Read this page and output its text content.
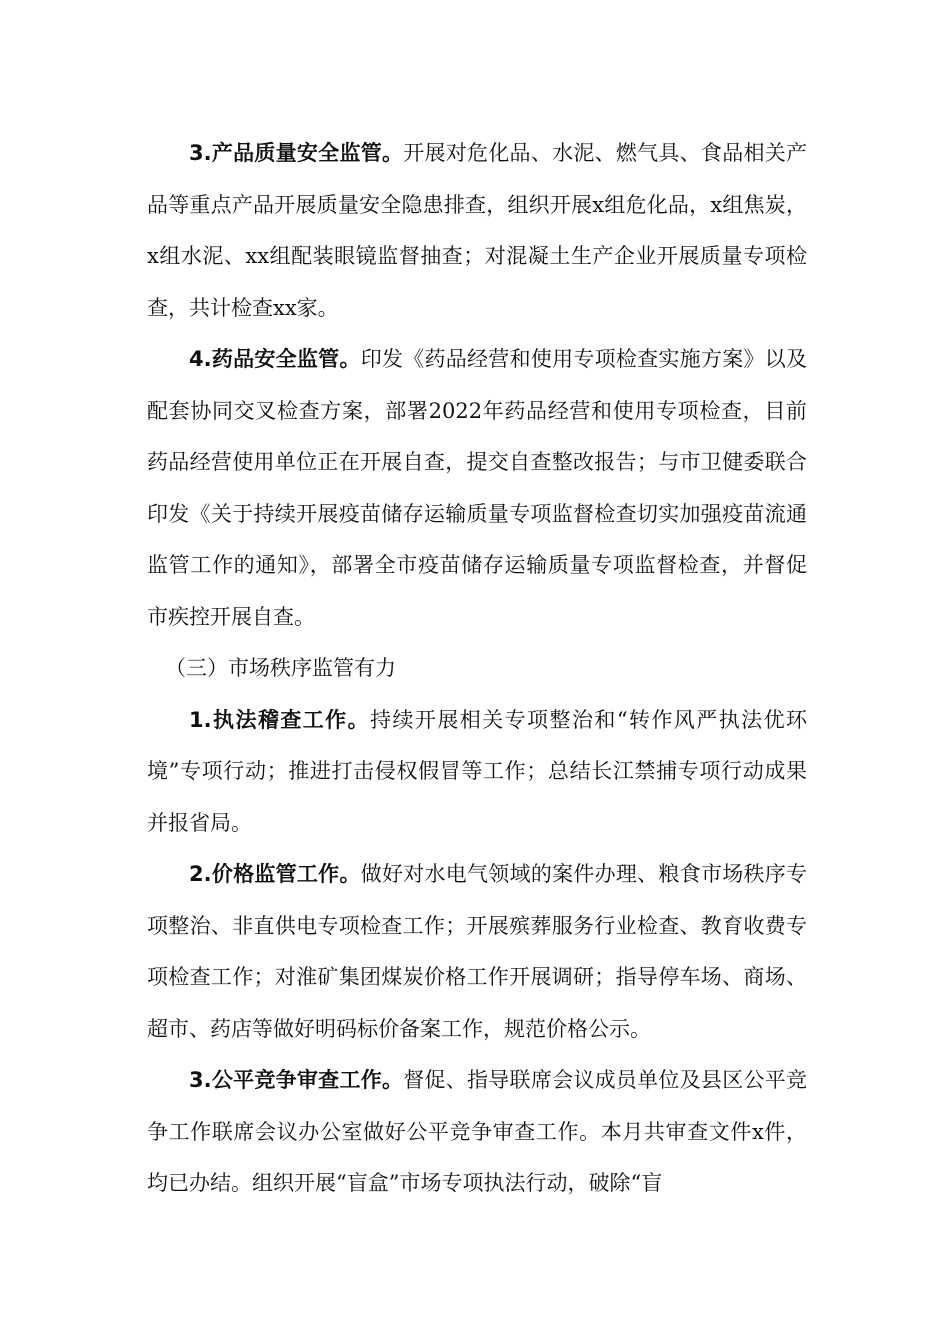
3.产品质量安全监管。开展对危化品、水泥、燃气具、食品相关产品等重点产品开展质量安全隐患排查，组织开展x组危化品，x组焦炭，x组水泥、xx组配装眼镜监督抽查；对混凝土生产企业开展质量专项检查，共计检查xx家。

4.药品安全监管。印发《药品经营和使用专项检查实施方案》以及配套协同交叉检查方案，部署2022年药品经营和使用专项检查，目前药品经营使用单位正在开展自查，提交自查整改报告；与市卫健委联合印发《关于持续开展疫苗储存运输质量专项监督检查切实加强疫苗流通监管工作的通知》，部署全市疫苗储存运输质量专项监督检查，并督促市疾控开展自查。

（三）市场秩序监管有力

1.执法稽查工作。持续开展相关专项整治和“转作风严执法优环境”专项行动；推进打击侵权假冒等工作；总结长江禁捕专项行动成果并报省局。

2.价格监管工作。做好对水电气领域的案件办理、粮食市场秩序专项整治、非直供电专项检查工作；开展殡葬服务行业检查、教育收费专项检查工作；对淮矿集团煤炭价格工作开展调研；指导停车场、商场、超市、药店等做好明码标价备案工作，规范价格公示。

3.公平竞争审查工作。督促、指导联席会议成员单位及县区公平竞争工作联席会议办公室做好公平竞争审查工作。本月共审查文件x件，均已办结。组织开展“盲盒”市场专项执法行动，破除“盲
